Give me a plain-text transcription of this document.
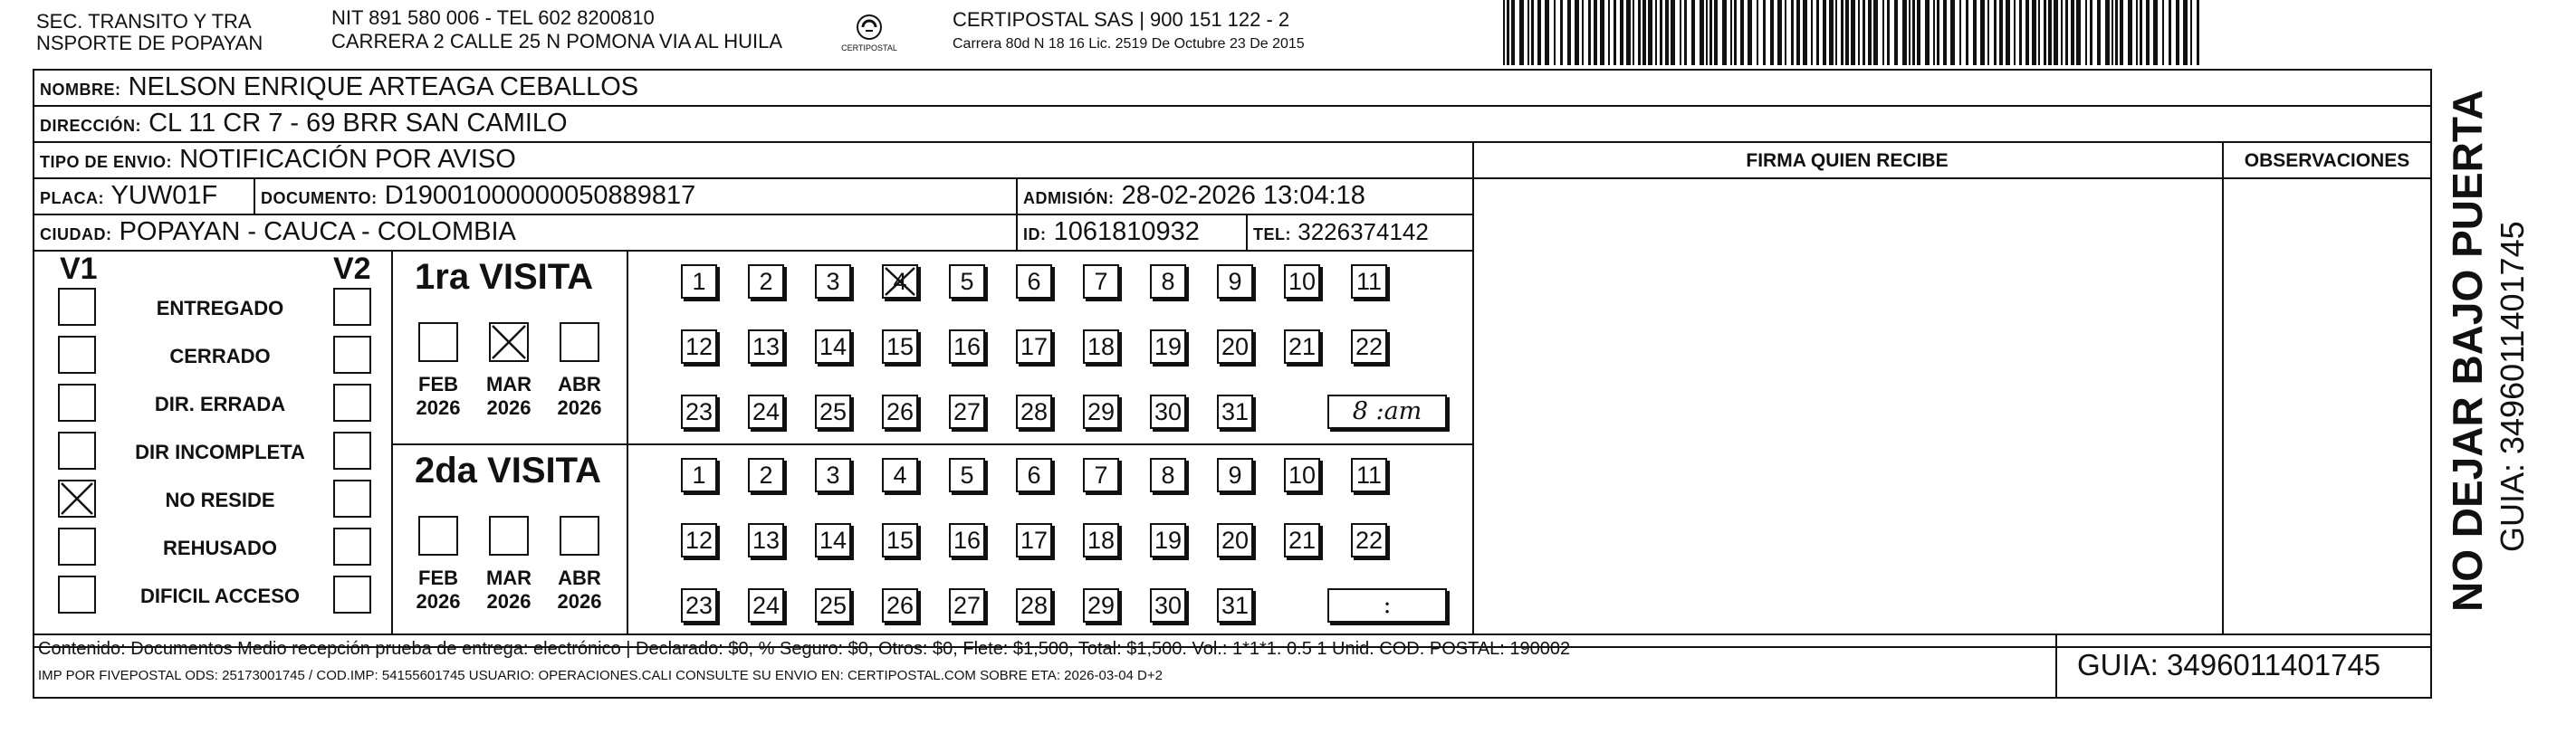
SEC. TRANSITO Y TRA
NSPORTE DE POPAYAN
NIT 891 580 006 - TEL 602 8200810
CARRERA 2 CALLE 25 N POMONA VIA AL HUILA	CERTIPOSTAL
CERTIPOSTAL SAS | 900 151 122 - 2
Carrera 80d N 18 16 Lic. 2519 De Octubre 23 De 2015
NOMBRE: NELSON ENRIQUE ARTEAGA CEBALLOS
DIRECCIÓN: CL 11 CR 7 - 69 BRR SAN CAMILO
TIPO DE ENVIO: NOTIFICACIÓN POR AVISO
PLACA: YUW01F	DOCUMENTO: D19001000000050889817	ADMISIÓN: 28-02-2026 13:04:18
CIUDAD: POPAYAN - CAUCA - COLOMBIA	ID: 1061810932	TEL: 3226374142
FIRMA QUIEN RECIBE	OBSERVACIONES
V1	V2
ENTREGADO
CERRADO
DIR. ERRADA
DIR INCOMPLETA
NO RESIDE
REHUSADO
DIFICIL ACCESO
1ra VISITA
FEB
2026
MAR
2026
ABR
2026
1	2	3	4	5	6	7	8	9	10 11
12 13 14 15 16 17 18 19 20 21 22
23 24 25 26 27 28 29 30 31	8 :am
2da VISITA
FEB
2026
MAR
2026
ABR
2026
1	2	3	4	5	6	7	8	9	10 11
12 13 14 15 16 17 18 19 20 21 22
23 24 25 26 27 28 29 30 31	:
Contenido: Documentos Medio recepción prueba de entrega: electrónico | Declarado: $0, % Seguro: $0, Otros: $0, Flete: $1,500, Total: $1,500. Vol.: 1*1*1. 0.5 1 Unid. COD. POSTAL: 190002
IMP POR FIVEPOSTAL ODS: 25173001745 / COD.IMP: 54155601745 USUARIO: OPERACIONES.CALI CONSULTE SU ENVIO EN: CERTIPOSTAL.COM SOBRE ETA: 2026-03-04 D+2	GUIA: 3496011401745
NO DEJAR BAJO PUERTA GUIA: 3496011401745
